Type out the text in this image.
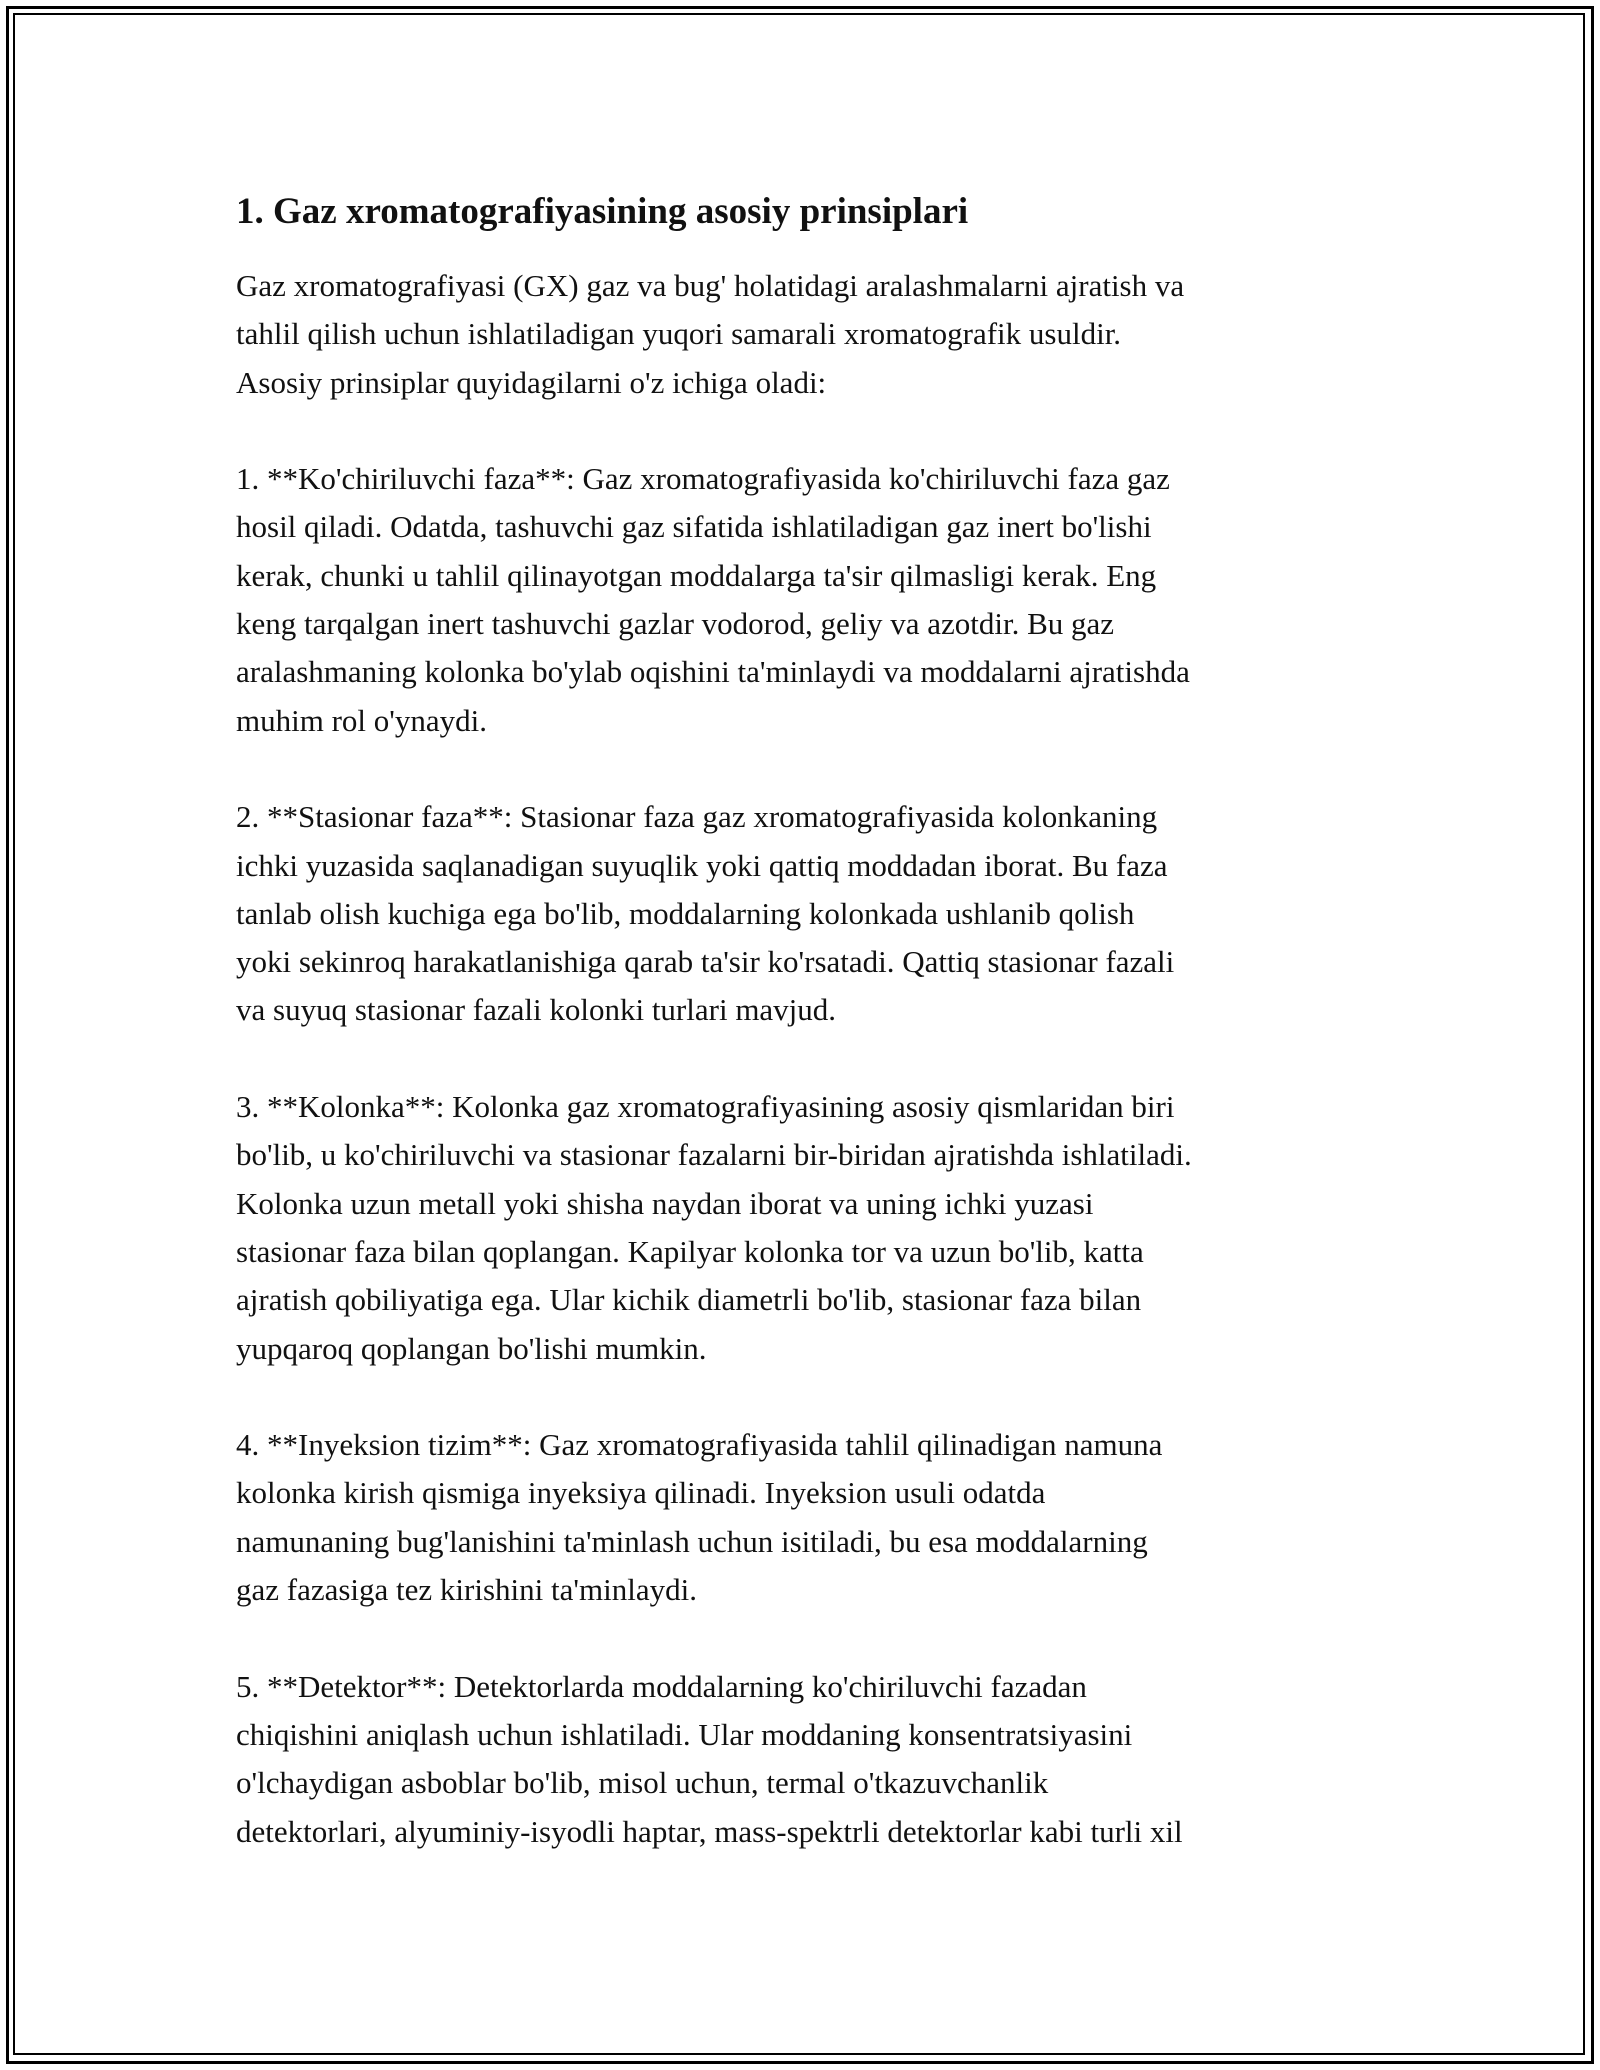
1. Gaz xromatografiyasining asosiy prinsiplari
Gaz xromatografiyasi (GX) gaz va bug' holatidagi aralashmalarni ajratish va
tahlil qilish uchun ishlatiladigan yuqori samarali xromatografik usuldir.
Asosiy prinsiplar quyidagilarni o'z ichiga oladi:
1. **Ko'chiriluvchi faza**: Gaz xromatografiyasida ko'chiriluvchi faza gaz
hosil qiladi. Odatda, tashuvchi gaz sifatida ishlatiladigan gaz inert bo'lishi
kerak, chunki u tahlil qilinayotgan moddalarga ta'sir qilmasligi kerak. Eng
keng tarqalgan inert tashuvchi gazlar vodorod, geliy va azotdir. Bu gaz
aralashmaning kolonka bo'ylab oqishini ta'minlaydi va moddalarni ajratishda
muhim rol o'ynaydi.
2. **Stasionar faza**: Stasionar faza gaz xromatografiyasida kolonkaning
ichki yuzasida saqlanadigan suyuqlik yoki qattiq moddadan iborat. Bu faza
tanlab olish kuchiga ega bo'lib, moddalarning kolonkada ushlanib qolish
yoki sekinroq harakatlanishiga qarab ta'sir ko'rsatadi. Qattiq stasionar fazali
va suyuq stasionar fazali kolonki turlari mavjud.
3. **Kolonka**: Kolonka gaz xromatografiyasining asosiy qismlaridan biri
bo'lib, u ko'chiriluvchi va stasionar fazalarni bir-biridan ajratishda ishlatiladi.
Kolonka uzun metall yoki shisha naydan iborat va uning ichki yuzasi
stasionar faza bilan qoplangan. Kapilyar kolonka tor va uzun bo'lib, katta
ajratish qobiliyatiga ega. Ular kichik diametrli bo'lib, stasionar faza bilan
yupqaroq qoplangan bo'lishi mumkin.
4. **Inyeksion tizim**: Gaz xromatografiyasida tahlil qilinadigan namuna
kolonka kirish qismiga inyeksiya qilinadi. Inyeksion usuli odatda
namunaning bug'lanishini ta'minlash uchun isitiladi, bu esa moddalarning
gaz fazasiga tez kirishini ta'minlaydi.
5. **Detektor**: Detektorlarda moddalarning ko'chiriluvchi fazadan
chiqishini aniqlash uchun ishlatiladi. Ular moddaning konsentratsiyasini
o'lchaydigan asboblar bo'lib, misol uchun, termal o'tkazuvchanlik
detektorlari, alyuminiy-isyodli haptar, mass-spektrli detektorlar kabi turli xil
